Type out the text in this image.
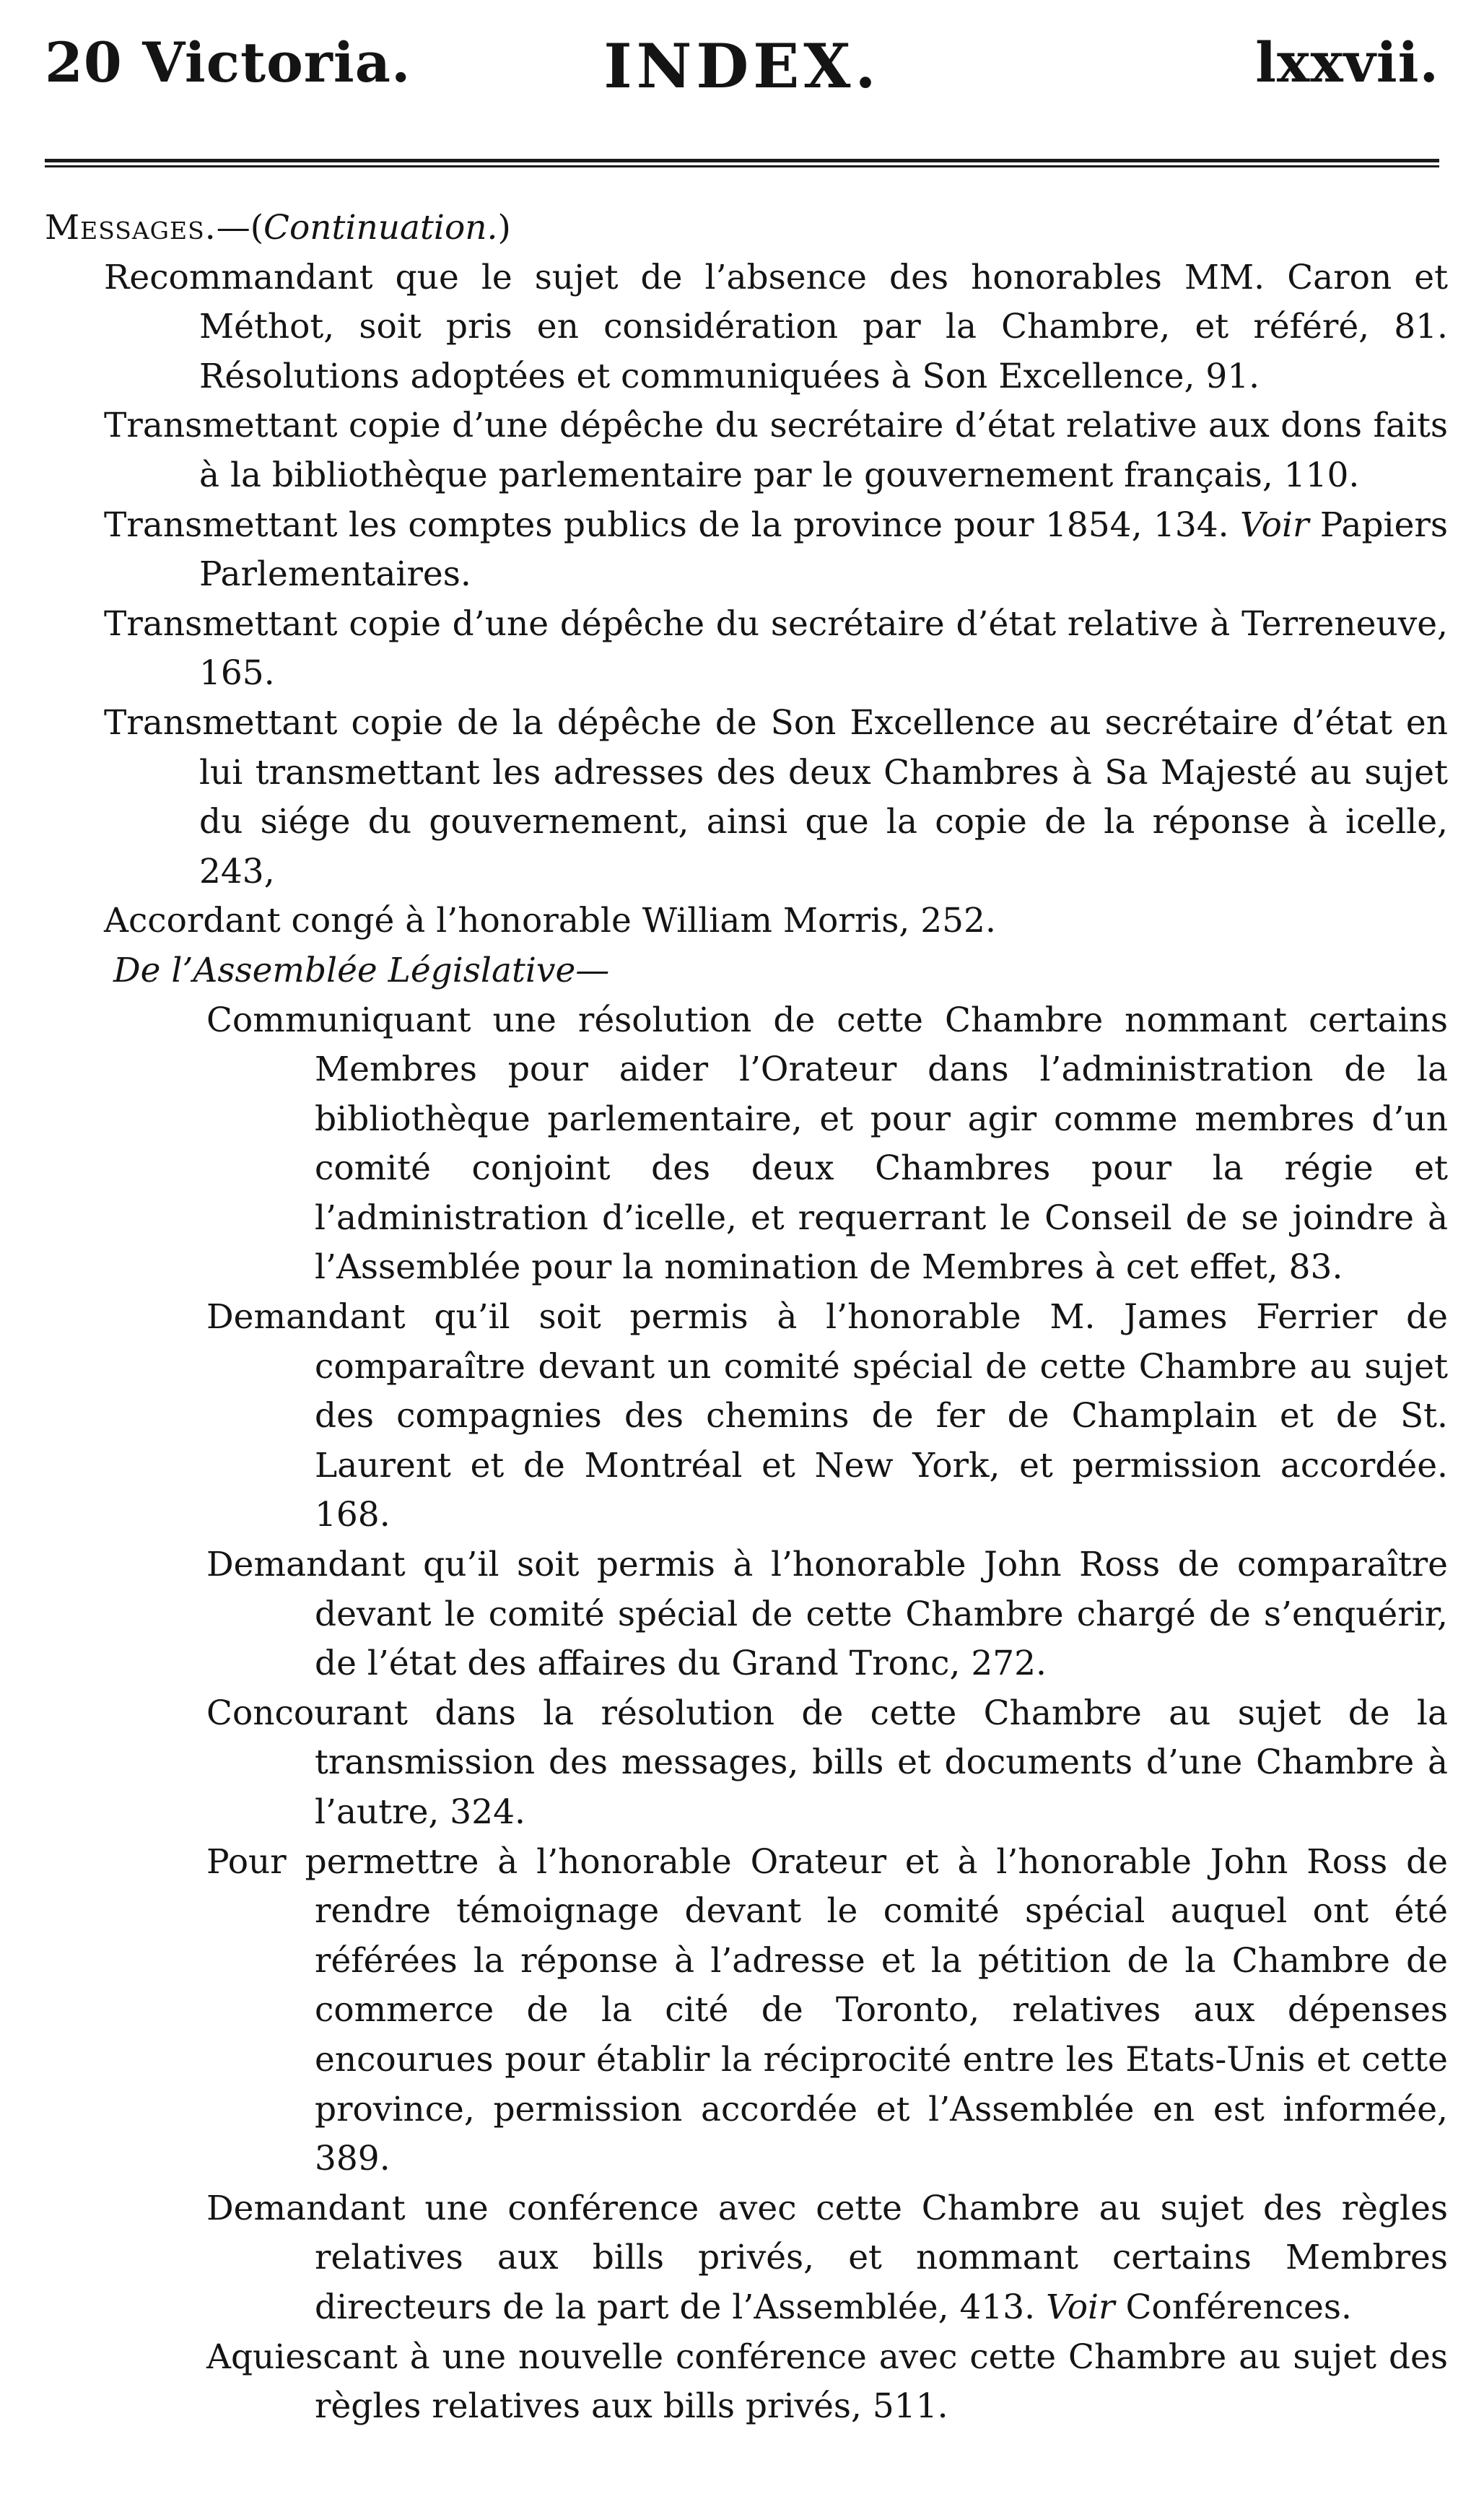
20 Victoria.	INDEX.	lxxvii.

Messages.—(Continuation.)

Recommandant que le sujet de l’absence des honorables MM. Caron et Méthot, soit pris en considération par la Chambre, et référé, 81. Résolutions adoptées et communiquées à Son Excellence, 91.

Transmettant copie d’une dépêche du secrétaire d’état relative aux dons faits à la bibliothèque parlementaire par le gouvernement français, 110.

Transmettant les comptes publics de la province pour 1854, 134. Voir Papiers Parlementaires.

Transmettant copie d’une dépêche du secrétaire d’état relative à Terreneuve, 165.

Transmettant copie de la dépêche de Son Excellence au secrétaire d’état en lui transmettant les adresses des deux Chambres à Sa Majesté au sujet du siége du gouvernement, ainsi que la copie de la réponse à icelle, 243,

Accordant congé à l’honorable William Morris, 252.

De l’Assemblée Législative—

Communiquant une résolution de cette Chambre nommant certains Membres pour aider l’Orateur dans l’administration de la bibliothèque parlementaire, et pour agir comme membres d’un comité conjoint des deux Chambres pour la régie et l’administration d’icelle, et requerrant le Conseil de se joindre à l’Assemblée pour la nomination de Membres à cet effet, 83.

Demandant qu’il soit permis à l’honorable M. James Ferrier de comparaître devant un comité spécial de cette Chambre au sujet des compagnies des chemins de fer de Champlain et de St. Laurent et de Montréal et New York, et permission accordée. 168.

Demandant qu’il soit permis à l’honorable John Ross de comparaître devant le comité spécial de cette Chambre chargé de s’enquérir, de l’état des affaires du Grand Tronc, 272.

Concourant dans la résolution de cette Chambre au sujet de la transmission des messages, bills et documents d’une Chambre à l’autre, 324.

Pour permettre à l’honorable Orateur et à l’honorable John Ross de rendre témoignage devant le comité spécial auquel ont été référées la réponse à l’adresse et la pétition de la Chambre de commerce de la cité de Toronto, relatives aux dépenses encourues pour établir la réciprocité entre les Etats-Unis et cette province, permission accordée et l’Assemblée en est informée, 389.

Demandant une conférence avec cette Chambre au sujet des règles relatives aux bills privés, et nommant certains Membres directeurs de la part de l’Assemblée, 413. Voir Conférences.

Aquiescant à une nouvelle conférence avec cette Chambre au sujet des règles relatives aux bills privés, 511.
